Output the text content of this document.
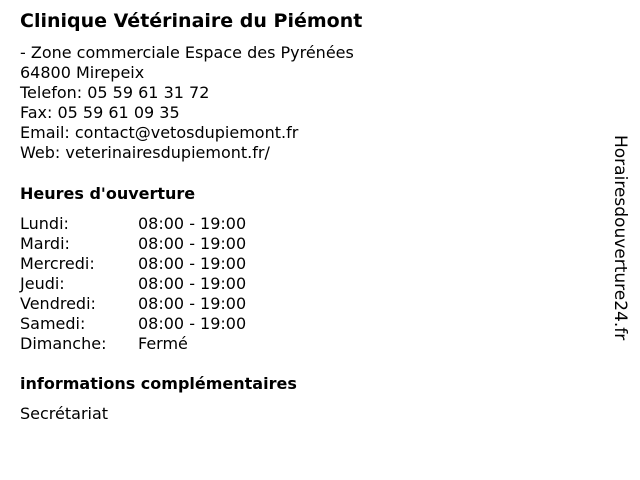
Clinique Vétérinaire du Piémont
- Zone commerciale Espace des Pyrénées
64800 Mirepeix
Telefon: 05 59 61 31 72
Fax: 05 59 61 09 35
Email: contact@vetosdupiemont.fr
Web: veterinairesdupiemont.fr/
Heures d'ouverture
Lundi:	08:00 - 19:00
Mardi:	08:00 - 19:00
Mercredi:	08:00 - 19:00
Jeudi:	08:00 - 19:00
Vendredi:	08:00 - 19:00
Samedi:	08:00 - 19:00
Dimanche: Fermé
informations complémentaires
Secrétariat
Horairesdouverture24.fr
